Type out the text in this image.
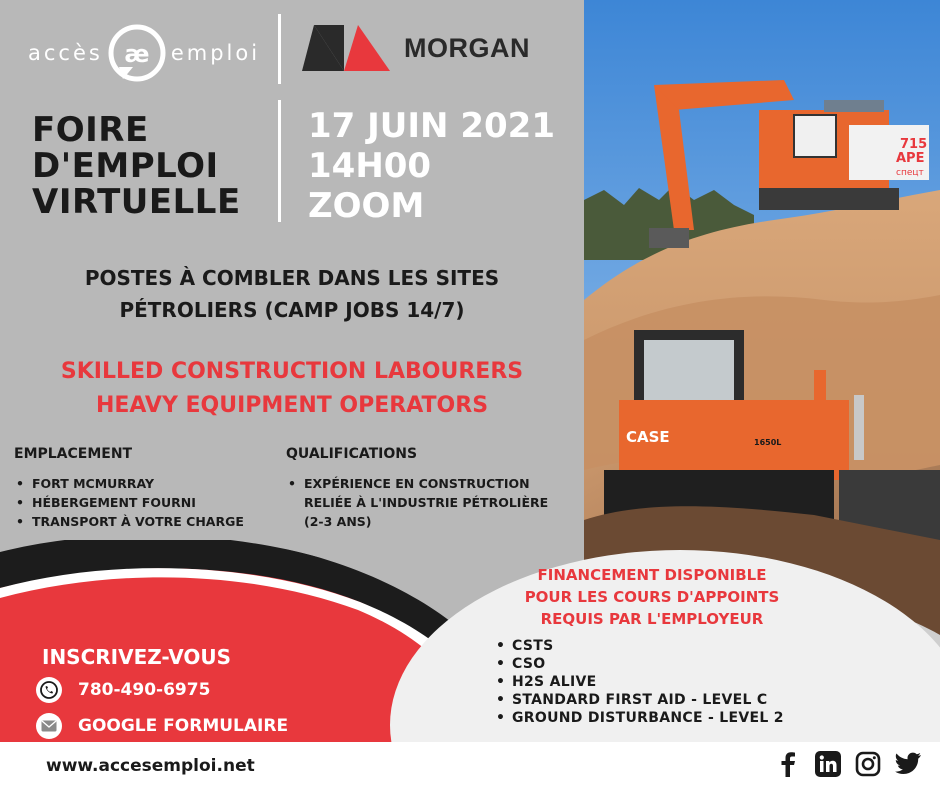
715
APE
спецт
CASE	1650L
accès æ emploi	MORGAN
FOIRE
D'EMPLOI
VIRTUELLE
17 JUIN 2021
14H00
ZOOM
POSTES À COMBLER DANS LES SITES
PÉTROLIERS (CAMP JOBS 14/7)
SKILLED CONSTRUCTION LABOURERS
HEAVY EQUIPMENT OPERATORS
EMPLACEMENT
• FORT MCMURRAY
• HÉBERGEMENT FOURNI
• TRANSPORT À VOTRE CHARGE
QUALIFICATIONS
• EXPÉRIENCE EN CONSTRUCTION
RELIÉE À L'INDUSTRIE PÉTROLIÈRE
(2-3 ANS)
INSCRIVEZ-VOUS
780-490-6975
GOOGLE FORMULAIRE
FINANCEMENT DISPONIBLE
POUR LES COURS D'APPOINTS
REQUIS PAR L'EMPLOYEUR
• CSTS
• CSO
• H2S ALIVE
• STANDARD FIRST AID - LEVEL C
• GROUND DISTURBANCE - LEVEL 2
www.accesemploi.net
